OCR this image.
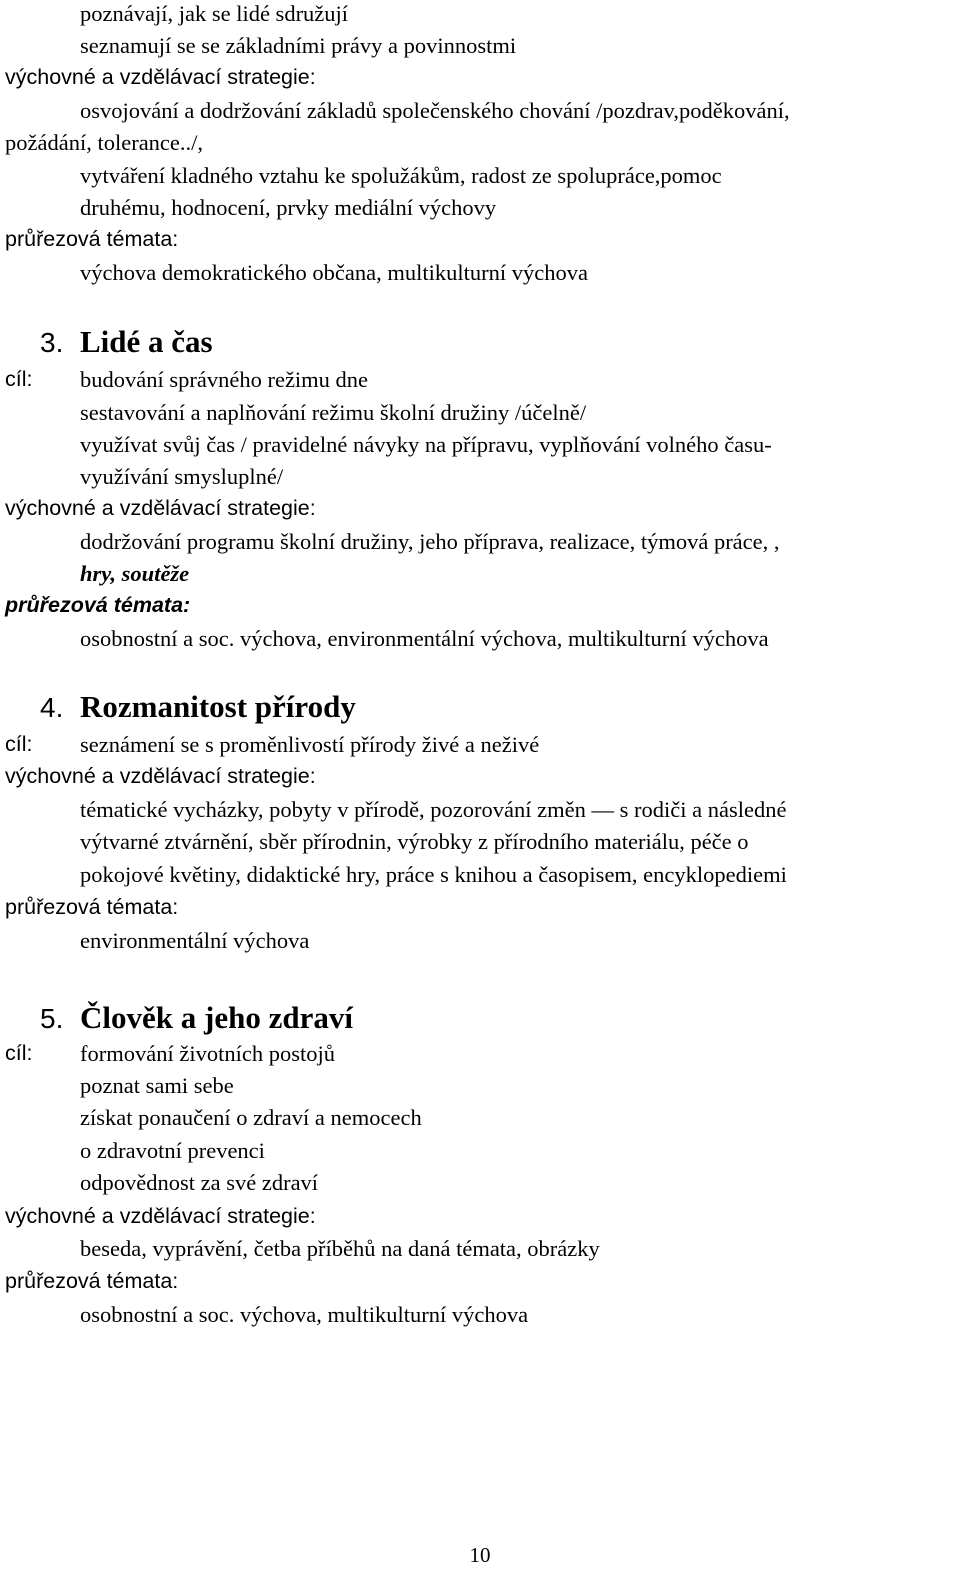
poznávají, jak se lidé sdružují
seznamují se se základními právy a povinnostmi
výchovné a vzdělávací strategie:
osvojování a dodržování základů společenského chování /pozdrav,poděkování,
požádání, tolerance../,
vytváření kladného vztahu ke spolužákům, radost ze spolupráce,pomoc
druhému, hodnocení, prvky mediální výchovy
průřezová témata:
výchova demokratického občana, multikulturní výchova
3. Lidé a čas
cíl: budování správného režimu dne
sestavování a naplňování režimu školní družiny /účelně/
využívat svůj čas / pravidelné návyky na přípravu, vyplňování volného času-
využívání smysluplné/
výchovné a vzdělávací strategie:
dodržování programu školní družiny, jeho příprava, realizace, týmová práce, ,
hry, soutěže
průřezová témata:
osobnostní a soc. výchova, environmentální výchova, multikulturní výchova
4. Rozmanitost přírody
cíl: seznámení se s proměnlivostí přírody živé a neživé
výchovné a vzdělávací strategie:
tématické vycházky, pobyty v přírodě, pozorování změn — s rodiči a následné
výtvarné ztvárnění, sběr přírodnin, výrobky z přírodního materiálu, péče o
pokojové květiny, didaktické hry, práce s knihou a časopisem, encyklopediemi
průřezová témata:
environmentální výchova
5. Člověk a jeho zdraví
cíl: formování životních postojů
poznat sami sebe
získat ponaučení o zdraví a nemocech
o zdravotní prevenci
odpovědnost za své zdraví
výchovné a vzdělávací strategie:
beseda, vyprávění, četba příběhů na daná témata, obrázky
průřezová témata:
osobnostní a soc. výchova, multikulturní výchova
10
